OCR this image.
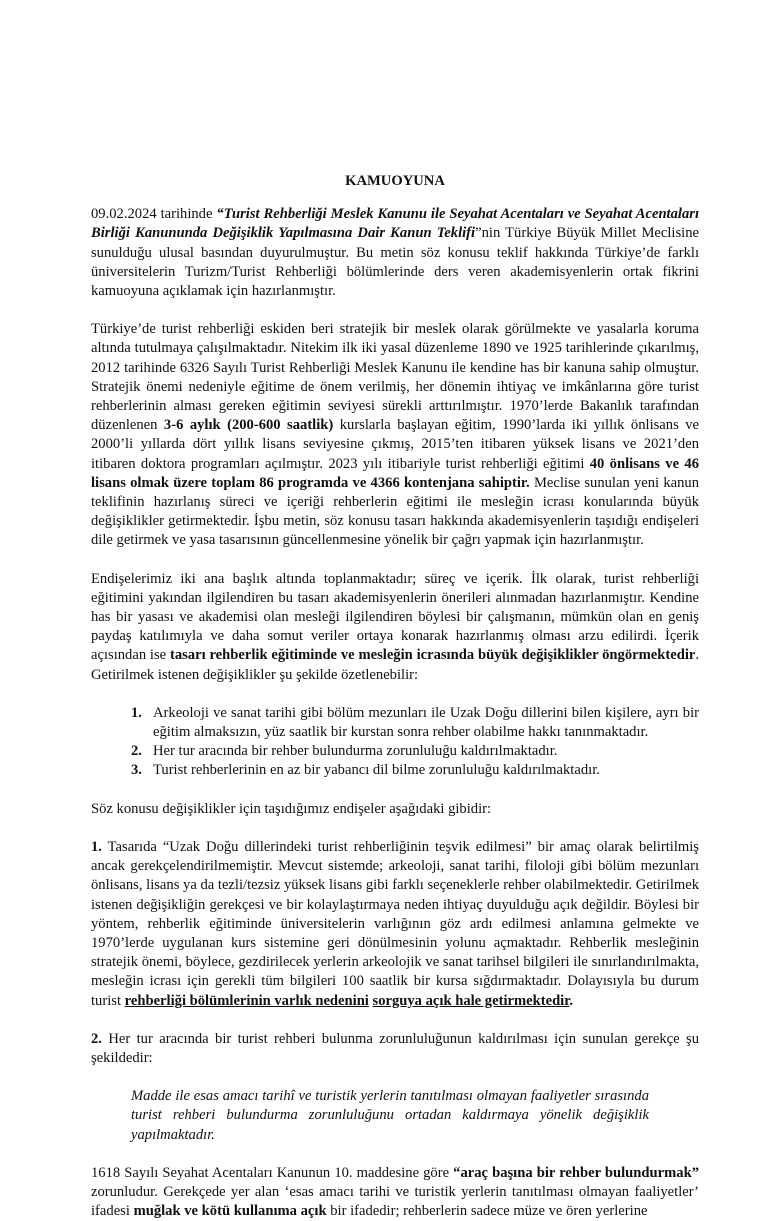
KAMUOYUNA

09.02.2024 tarihinde “Turist Rehberliği Meslek Kanunu ile Seyahat Acentaları ve Seyahat Acentaları Birliği Kanununda Değişiklik Yapılmasına Dair Kanun Teklifi”nin Türkiye Büyük Millet Meclisine sunulduğu ulusal basından duyurulmuştur. Bu metin söz konusu teklif hakkında Türkiye’de farklı üniversitelerin Turizm/Turist Rehberliği bölümlerinde ders veren akademisyenlerin ortak fikrini kamuoyuna açıklamak için hazırlanmıştır.

Türkiye’de turist rehberliği eskiden beri stratejik bir meslek olarak görülmekte ve yasalarla koruma altında tutulmaya çalışılmaktadır. Nitekim ilk iki yasal düzenleme 1890 ve 1925 tarihlerinde çıkarılmış, 2012 tarihinde 6326 Sayılı Turist Rehberliği Meslek Kanunu ile kendine has bir kanuna sahip olmuştur. Stratejik önemi nedeniyle eğitime de önem verilmiş, her dönemin ihtiyaç ve imkânlarına göre turist rehberlerinin alması gereken eğitimin seviyesi sürekli arttırılmıştır. 1970’lerde Bakanlık tarafından düzenlenen 3-6 aylık (200-600 saatlik) kurslarla başlayan eğitim, 1990’larda iki yıllık önlisans ve 2000’li yıllarda dört yıllık lisans seviyesine çıkmış, 2015’ten itibaren yüksek lisans ve 2021’den itibaren doktora programları açılmıştır. 2023 yılı itibariyle turist rehberliği eğitimi 40 önlisans ve 46 lisans olmak üzere toplam 86 programda ve 4366 kontenjana sahiptir. Meclise sunulan yeni kanun teklifinin hazırlanış süreci ve içeriği rehberlerin eğitimi ile mesleğin icrası konularında büyük değişiklikler getirmektedir. İşbu metin, söz konusu tasarı hakkında akademisyenlerin taşıdığı endişeleri dile getirmek ve yasa tasarısının güncellenmesine yönelik bir çağrı yapmak için hazırlanmıştır.

Endişelerimiz iki ana başlık altında toplanmaktadır; süreç ve içerik. İlk olarak, turist rehberliği eğitimini yakından ilgilendiren bu tasarı akademisyenlerin önerileri alınmadan hazırlanmıştır. Kendine has bir yasası ve akademisi olan mesleği ilgilendiren böylesi bir çalışmanın, mümkün olan en geniş paydaş katılımıyla ve daha somut veriler ortaya konarak hazırlanmış olması arzu edilirdi. İçerik açısından ise tasarı rehberlik eğitiminde ve mesleğin icrasında büyük değişiklikler öngörmektedir. Getirilmek istenen değişiklikler şu şekilde özetlenebilir:

1. Arkeoloji ve sanat tarihi gibi bölüm mezunları ile Uzak Doğu dillerini bilen kişilere, ayrı bir eğitim almaksızın, yüz saatlik bir kurstan sonra rehber olabilme hakkı tanınmaktadır.
2. Her tur aracında bir rehber bulundurma zorunluluğu kaldırılmaktadır.
3. Turist rehberlerinin en az bir yabancı dil bilme zorunluluğu kaldırılmaktadır.

Söz konusu değişiklikler için taşıdığımız endişeler aşağıdaki gibidir:

1. Tasarıda “Uzak Doğu dillerindeki turist rehberliğinin teşvik edilmesi” bir amaç olarak belirtilmiş ancak gerekçelendirilmemiştir. Mevcut sistemde; arkeoloji, sanat tarihi, filoloji gibi bölüm mezunları önlisans, lisans ya da tezli/tezsiz yüksek lisans gibi farklı seçeneklerle rehber olabilmektedir. Getirilmek istenen değişikliğin gerekçesi ve bir kolaylaştırmaya neden ihtiyaç duyulduğu açık değildir. Böylesi bir yöntem, rehberlik eğitiminde üniversitelerin varlığının göz ardı edilmesi anlamına gelmekte ve 1970’lerde uygulanan kurs sistemine geri dönülmesinin yolunu açmaktadır. Rehberlik mesleğinin stratejik önemi, böylece, gezdirilecek yerlerin arkeolojik ve sanat tarihsel bilgileri ile sınırlandırılmakta, mesleğin icrası için gerekli tüm bilgileri 100 saatlik bir kursa sığdırmaktadır. Dolayısıyla bu durum turist rehberliği bölümlerinin varlık nedenini sorguya açık hale getirmektedir.

2. Her tur aracında bir turist rehberi bulunma zorunluluğunun kaldırılması için sunulan gerekçe şu şekildedir:

Madde ile esas amacı tarihî ve turistik yerlerin tanıtılması olmayan faaliyetler sırasında turist rehberi bulundurma zorunluluğunu ortadan kaldırmaya yönelik değişiklik yapılmaktadır.

1618 Sayılı Seyahat Acentaları Kanunun 10. maddesine göre “araç başına bir rehber bulundurmak” zorunludur. Gerekçede yer alan ‘esas amacı tarihi ve turistik yerlerin tanıtılması olmayan faaliyetler’ ifadesi muğlak ve kötü kullanıma açık bir ifadedir; rehberlerin sadece müze ve ören yerlerine
